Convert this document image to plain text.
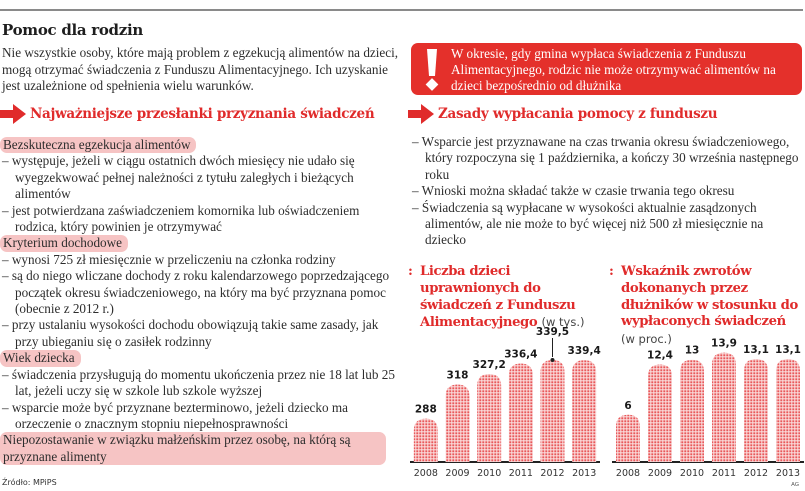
Pomoc dla rodzin
Nie wszystkie osoby, które mają problem z egzekucją alimentów na dzieci, mogą otrzymać świadczenia z Funduszu Alimentacyjnego. Ich uzyskanie jest uzależnione od spełnienia wielu warunków.
Najważniejsze przesłanki przyznania świadczeń
Bezskuteczna egzekucja alimentów
– występuje, jeżeli w ciągu ostatnich dwóch miesięcy nie udało się wyegzekwować pełnej należności z tytułu zaległych i bieżących alimentów
– jest potwierdzana zaświadczeniem komornika lub oświadczeniem rodzica, który powinien je otrzymywać
Kryterium dochodowe
– wynosi 725 zł miesięcznie w przeliczeniu na członka rodziny
– są do niego wliczane dochody z roku kalendarzowego poprzedzającego początek okresu świadczeniowego, na który ma być przyznana pomoc (obecnie z 2012 r.)
– przy ustalaniu wysokości dochodu obowiązują takie same zasady, jak przy ubieganiu się o zasiłek rodzinny
Wiek dziecka
– świadczenia przysługują do momentu ukończenia przez nie 18 lat lub 25 lat, jeżeli uczy się w szkole lub szkole wyższej
– wsparcie może być przyznane bezterminowo, jeżeli dziecko ma orzeczenie o znacznym stopniu niepełnosprawności
Niepozostawanie w związku małżeńskim przez osobę, na którą są przyznane alimenty
W okresie, gdy gmina wypłaca świadczenia z Funduszu Alimentacyjnego, rodzic nie może otrzymywać alimentów na dzieci bezpośrednio od dłużnika
Zasady wypłacania pomocy z funduszu
– Wsparcie jest przyznawane na czas trwania okresu świadczeniowego, który rozpoczyna się 1 października, a kończy 30 września następnego roku
– Wnioski można składać także w czasie trwania tego okresu
– Świadczenia są wypłacane w wysokości aktualnie zasądzonych alimentów, ale nie może to być więcej niż 500 zł miesięcznie na dziecko
: Liczba dzieci uprawnionych do świadczeń z Funduszu Alimentacyjnego (w tys.)
: Wskaźnik zwrotów dokonanych przez dłużników w stosunku do wypłaconych świadczeń (w proc.)
288
2008
318
2009
327,2
2010
336,4
2011
339,5
2012
339,4
2013
6
2008
12,4
2009
13
2010
13,9
2011
13,1
2012
13,1
2013
Źródło: MPiPS	AG
